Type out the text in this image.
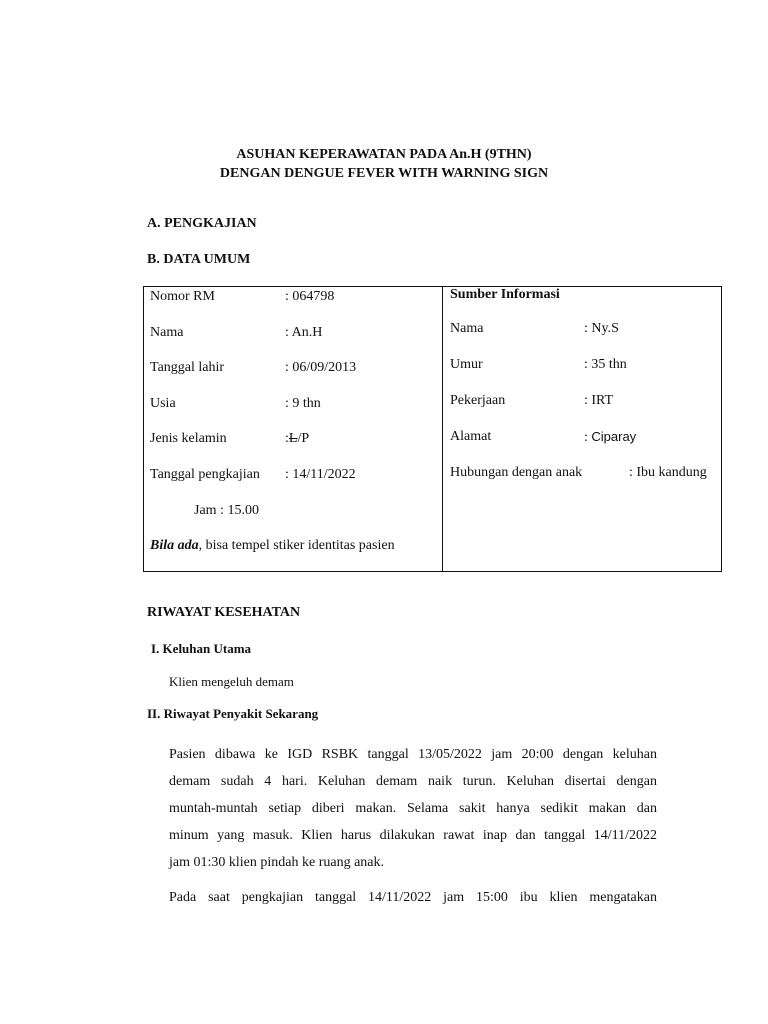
ASUHAN KEPERAWATAN PADA An.H (9THN)
DENGAN DENGUE FEVER WITH WARNING SIGN
A. PENGKAJIAN
B. DATA UMUM
Nomor RM	: 064798
Nama	: An.H
Tanggal lahir	: 06/09/2013
Usia	: 9 thn
Jenis kelamin	:L/P
Tanggal pengkajian : 14/11/2022
Jam : 15.00
Bila ada, bisa tempel stiker identitas pasien
Sumber Informasi
Nama	: Ny.S
Umur	: 35 thn
Pekerjaan	: IRT
Alamat	: Ciparay
Hubungan dengan anak	: Ibu kandung
RIWAYAT KESEHATAN
I. Keluhan Utama
Klien mengeluh demam
II. Riwayat Penyakit Sekarang
Pasien dibawa ke IGD RSBK tanggal 13/05/2022 jam 20:00 dengan keluhan
demam sudah 4 hari. Keluhan demam naik turun. Keluhan disertai dengan
muntah-muntah setiap diberi makan. Selama sakit hanya sedikit makan dan
minum yang masuk. Klien harus dilakukan rawat inap dan tanggal 14/11/2022
jam 01:30 klien pindah ke ruang anak.
Pada saat pengkajian tanggal 14/11/2022 jam 15:00 ibu klien mengatakan
